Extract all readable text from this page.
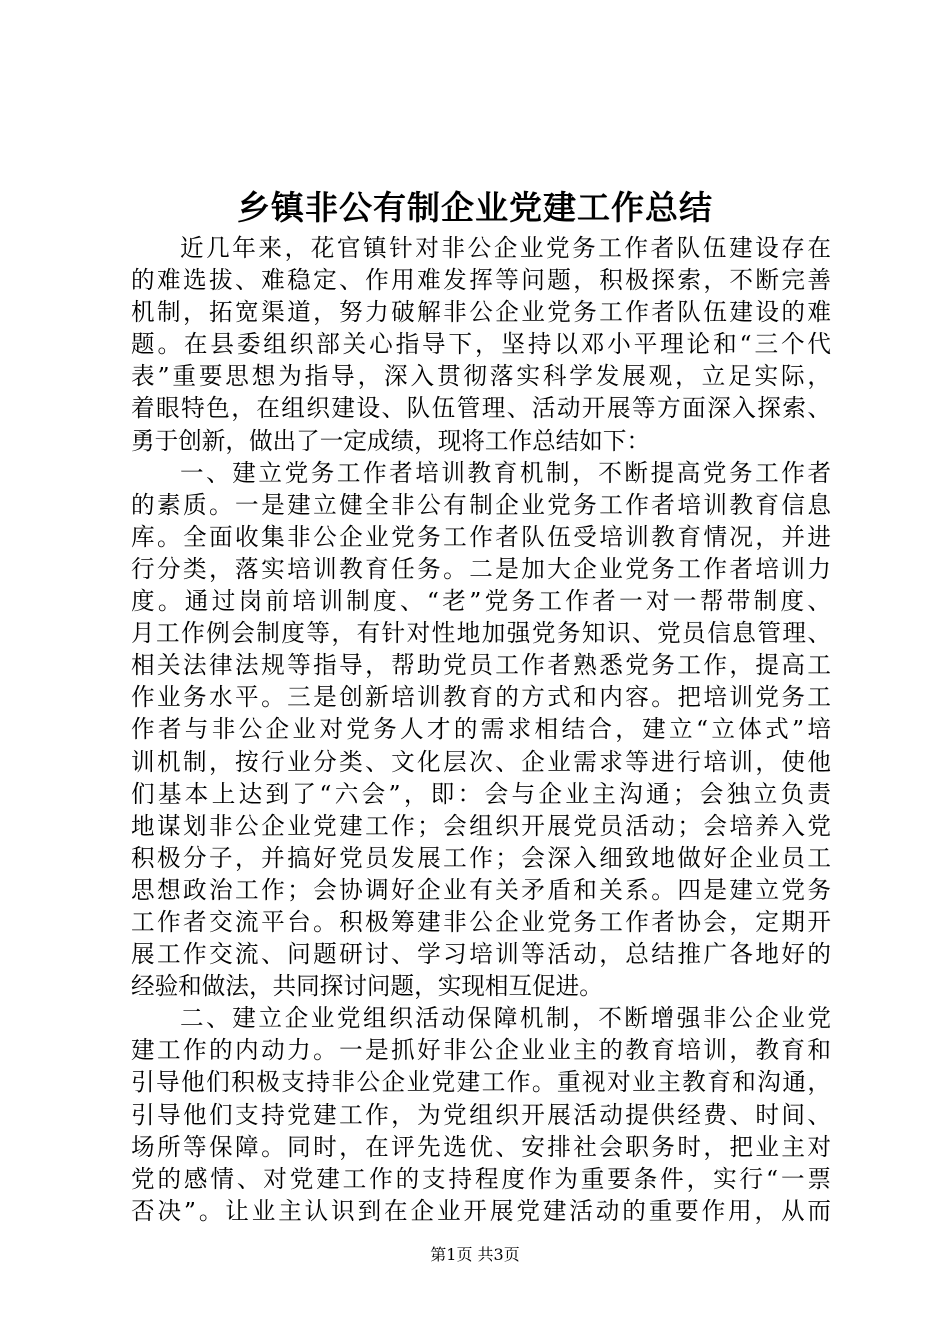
乡镇非公有制企业党建工作总结
近几年来，花官镇针对非公企业党务工作者队伍建设存在
的难选拔、难稳定、作用难发挥等问题，积极探索，不断完善
机制，拓宽渠道，努力破解非公企业党务工作者队伍建设的难
题。在县委组织部关心指导下，坚持以邓小平理论和“三个代
表”重要思想为指导，深入贯彻落实科学发展观，立足实际，
着眼特色，在组织建设、队伍管理、活动开展等方面深入探索、
勇于创新，做出了一定成绩，现将工作总结如下：
一、建立党务工作者培训教育机制，不断提高党务工作者
的素质。一是建立健全非公有制企业党务工作者培训教育信息
库。全面收集非公企业党务工作者队伍受培训教育情况，并进
行分类，落实培训教育任务。二是加大企业党务工作者培训力
度。通过岗前培训制度、“老”党务工作者一对一帮带制度、
月工作例会制度等，有针对性地加强党务知识、党员信息管理、
相关法律法规等指导，帮助党员工作者熟悉党务工作，提高工
作业务水平。三是创新培训教育的方式和内容。把培训党务工
作者与非公企业对党务人才的需求相结合，建立“立体式”培
训机制，按行业分类、文化层次、企业需求等进行培训，使他
们基本上达到了“六会”，即：会与企业主沟通；会独立负责
地谋划非公企业党建工作；会组织开展党员活动；会培养入党
积极分子，并搞好党员发展工作；会深入细致地做好企业员工
思想政治工作；会协调好企业有关矛盾和关系。四是建立党务
工作者交流平台。积极筹建非公企业党务工作者协会，定期开
展工作交流、问题研讨、学习培训等活动，总结推广各地好的
经验和做法，共同探讨问题，实现相互促进。
二、建立企业党组织活动保障机制，不断增强非公企业党
建工作的内动力。一是抓好非公企业业主的教育培训，教育和
引导他们积极支持非公企业党建工作。重视对业主教育和沟通，
引导他们支持党建工作，为党组织开展活动提供经费、时间、
场所等保障。同时，在评先选优、安排社会职务时，把业主对
党的感情、对党建工作的支持程度作为重要条件，实行“一票
否决”。让业主认识到在企业开展党建活动的重要作用，从而
第1页 共3页
